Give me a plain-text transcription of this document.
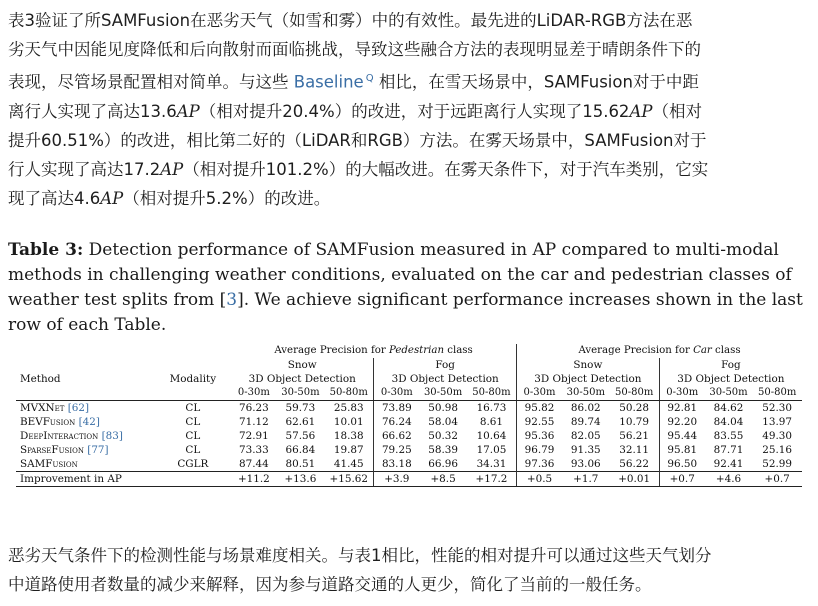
表3验证了所SAMFusion在恶劣天气（如雪和雾）中的有效性。最先进的LiDAR-RGB方法在恶
劣天气中因能见度降低和后向散射而面临挑战，导致这些融合方法的表现明显差于晴朗条件下的
表现，尽管场景配置相对简单。与这些 Baseline $^Q$ 相比，在雪天场景中，SAMFusion对于中距
离行人实现了高达13.6AP（相对提升20.4%）的改进，对于远距离行人实现了15.62AP（相对
提升60.51%）的改进，相比第二好的（LiDAR和RGB）方法。在雾天场景中，SAMFusion对于
行人实现了高达17.2AP（相对提升101.2%）的大幅改进。在雾天条件下，对于汽车类别，它实
现了高达4.6AP（相对提升5.2%）的改进。
Table 3: Detection performance of SAMFusion measured in AP compared to multi-modal methods in challenging weather conditions, evaluated on the car and pedestrian classes of weather test splits from [3]. We achieve significant performance increases shown in the last row of each Table.
		Average Precision for Pedestrian class						Average Precision for Car class					
		Snow			Fog			Snow			Fog		
Method	Modality	3D Object Detection			3D Object Detection			3D Object Detection			3D Object Detection		
		0-30m	30-50m	50-80m	0-30m	30-50m	50-80m	0-30m	30-50m	50-80m	0-30m	30-50m	50-80m
MVXNet [62]	CL	76.23	59.73	25.83	73.89	50.98	16.73	95.82	86.02	50.28	92.81	84.62	52.30
BEVFusion [42]	CL	71.12	62.61	10.01	76.24	58.04	8.61	92.55	89.74	10.79	92.20	84.04	13.97
DeepInteraction [83]	CL	72.91	57.56	18.38	66.62	50.32	10.64	95.36	82.05	56.21	95.44	83.55	49.30
SparseFusion [77]	CL	73.33	66.84	19.87	79.25	58.39	17.05	96.79	91.35	32.11	95.81	87.71	25.16
SAMFusion	CGLR	87.44	80.51	41.45	83.18	66.96	34.31	97.36	93.06	56.22	96.50	92.41	52.99
Improvement in AP		+11.2	+13.6	+15.62	+3.9	+8.5	+17.2	+0.5	+1.7	+0.01	+0.7	+4.6	+0.7
恶劣天气条件下的检测性能与场景难度相关。与表1相比，性能的相对提升可以通过这些天气划分
中道路使用者数量的减少来解释，因为参与道路交通的人更少，简化了当前的一般任务。
